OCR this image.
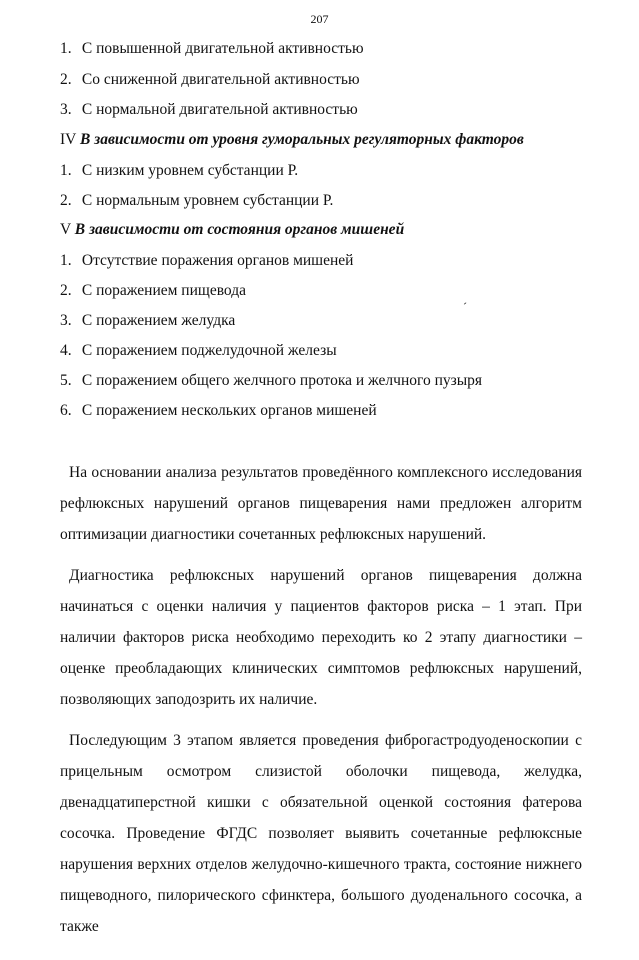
207
1. С повышенной двигательной активностью
2. Со сниженной двигательной активностью
3. С нормальной двигательной активностью
IV В зависимости от уровня гуморальных регуляторных факторов
1. С низким уровнем субстанции Р.
2. С нормальным уровнем субстанции Р.
V В зависимости от состояния органов мишеней
1. Отсутствие поражения органов мишеней
2. С поражением пищевода
3. С поражением желудка
4. С поражением поджелудочной железы
5. С поражением общего желчного протока и желчного пузыря
6. С поражением нескольких органов мишеней
ˊ

На основании анализа результатов проведённого комплексного исследования рефлюксных нарушений органов пищеварения нами предложен алгоритм оптимизации диагностики сочетанных рефлюксных нарушений.

Диагностика рефлюксных нарушений органов пищеварения должна начинаться с оценки наличия у пациентов факторов риска – 1 этап. При наличии факторов риска необходимо переходить ко 2 этапу диагностики – оценке преобладающих клинических симптомов рефлюксных нарушений, позволяющих заподозрить их наличие.

Последующим 3 этапом является проведения фиброгастродуоденоскопии с прицельным осмотром слизистой оболочки пищевода, желудка, двенадцатиперстной кишки с обязательной оценкой состояния фатерова сосочка. Проведение ФГДС позволяет выявить сочетанные рефлюксные нарушения верхних отделов желудочно-кишечного тракта, состояние нижнего пищеводного, пилорического сфинктера, большого дуоденального сосочка, а также
